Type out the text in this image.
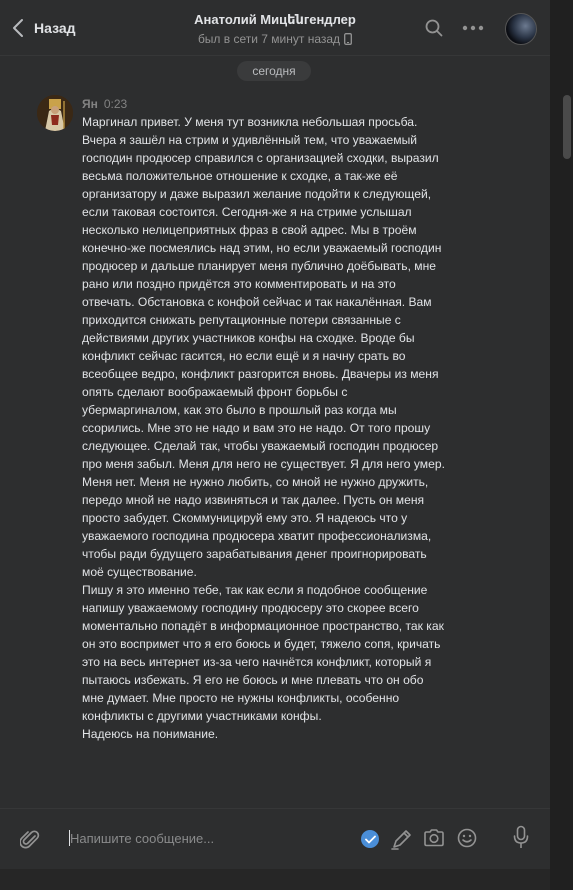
Назад
Анатолий Мицենгендлер
был в сети 7 минут назад
сегодня
Ян 0:23

Маргинал привет. У меня тут возникла небольшая просьба. Вчера я зашёл на стрим и удивлённый тем, что уважаемый господин продюсер справился с организацией сходки, выразил весьма положительное отношение к сходке, а так-же её организатору и даже выразил желание подойти к следующей, если таковая состоится. Сегодня-же я на стриме услышал несколько нелицеприятных фраз в свой адрес. Мы в троём конечно-же посмеялись над этим, но если уважаемый господин продюсер и дальше планирует меня публично доёбывать, мне рано или поздно придётся это комментировать и на это отвечать. Обстановка с конфой сейчас и так накалённая. Вам приходится снижать репутационные потери связанные с действиями других участников конфы на сходке. Вроде бы конфликт сейчас гасится, но если ещё и я начну срать во всеобщее ведро, конфликт разгорится вновь. Двачеры из меня опять сделают воображаемый фронт борьбы с убермаргиналом, как это было в прошлый раз когда мы ссорились. Мне это не надо и вам это не надо. От того прошу следующее. Сделай так, чтобы уважаемый господин продюсер про меня забыл. Меня для него не существует. Я для него умер. Меня нет. Меня не нужно любить, со мной не нужно дружить, передо мной не надо извиняться и так далее. Пусть он меня просто забудет. Скоммуницируй ему это. Я надеюсь что у уважаемого господина продюсера хватит профессионализма, чтобы ради будущего зарабатывания денег проигнорировать моё существование.

Пишу я это именно тебе, так как если я подобное сообщение напишу уважаемому господину продюсеру это скорее всего моментально попадёт в информационное пространство, так как он это воспримет что я его боюсь и будет, тяжело сопя, кричать это на весь интернет из-за чего начнётся конфликт, который я пытаюсь избежать. Я его не боюсь и мне плевать что он обо мне думает. Мне просто не нужны конфликты, особенно конфликты с другими участниками конфы.

Надеюсь на понимание.

Напишите сообщение...
